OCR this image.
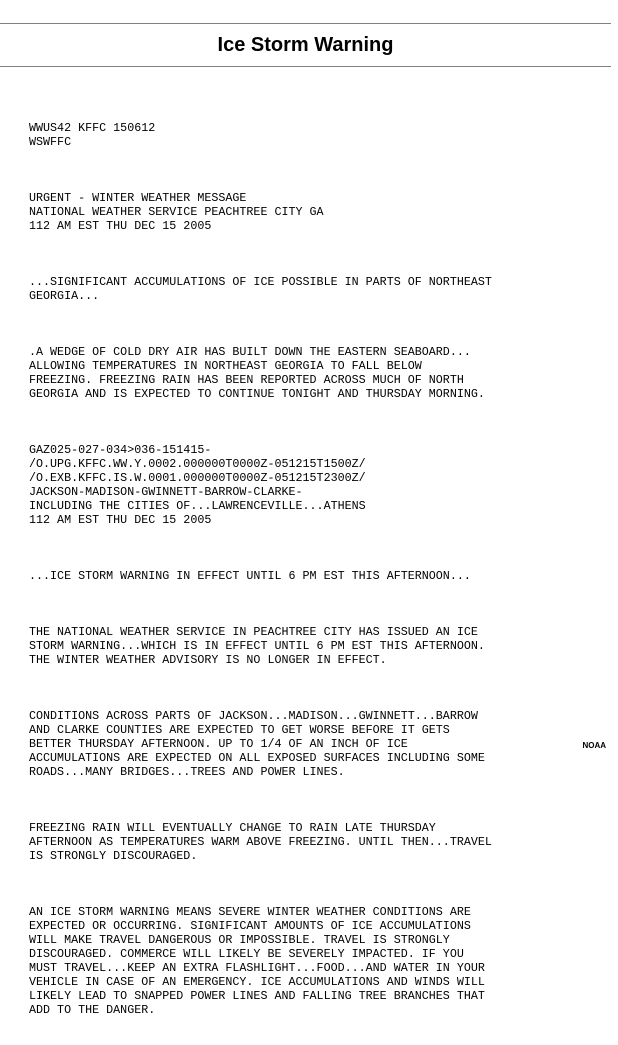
Ice Storm Warning

WWUS42 KFFC 150612
WSWFFC

URGENT - WINTER WEATHER MESSAGE
NATIONAL WEATHER SERVICE PEACHTREE CITY GA
112 AM EST THU DEC 15 2005

...SIGNIFICANT ACCUMULATIONS OF ICE POSSIBLE IN PARTS OF NORTHEAST
GEORGIA...

.A WEDGE OF COLD DRY AIR HAS BUILT DOWN THE EASTERN SEABOARD...
ALLOWING TEMPERATURES IN NORTHEAST GEORGIA TO FALL BELOW
FREEZING. FREEZING RAIN HAS BEEN REPORTED ACROSS MUCH OF NORTH
GEORGIA AND IS EXPECTED TO CONTINUE TONIGHT AND THURSDAY MORNING.

GAZ025-027-034>036-151415-
/O.UPG.KFFC.WW.Y.0002.000000T0000Z-051215T1500Z/
/O.EXB.KFFC.IS.W.0001.000000T0000Z-051215T2300Z/
JACKSON-MADISON-GWINNETT-BARROW-CLARKE-
INCLUDING THE CITIES OF...LAWRENCEVILLE...ATHENS
112 AM EST THU DEC 15 2005

...ICE STORM WARNING IN EFFECT UNTIL 6 PM EST THIS AFTERNOON...

THE NATIONAL WEATHER SERVICE IN PEACHTREE CITY HAS ISSUED AN ICE
STORM WARNING...WHICH IS IN EFFECT UNTIL 6 PM EST THIS AFTERNOON.
THE WINTER WEATHER ADVISORY IS NO LONGER IN EFFECT.

CONDITIONS ACROSS PARTS OF JACKSON...MADISON...GWINNETT...BARROW
AND CLARKE COUNTIES ARE EXPECTED TO GET WORSE BEFORE IT GETS
BETTER THURSDAY AFTERNOON. UP TO 1/4 OF AN INCH OF ICE
ACCUMULATIONS ARE EXPECTED ON ALL EXPOSED SURFACES INCLUDING SOME
ROADS...MANY BRIDGES...TREES AND POWER LINES.

FREEZING RAIN WILL EVENTUALLY CHANGE TO RAIN LATE THURSDAY
AFTERNOON AS TEMPERATURES WARM ABOVE FREEZING. UNTIL THEN...TRAVEL
IS STRONGLY DISCOURAGED.

AN ICE STORM WARNING MEANS SEVERE WINTER WEATHER CONDITIONS ARE
EXPECTED OR OCCURRING. SIGNIFICANT AMOUNTS OF ICE ACCUMULATIONS
WILL MAKE TRAVEL DANGEROUS OR IMPOSSIBLE. TRAVEL IS STRONGLY
DISCOURAGED. COMMERCE WILL LIKELY BE SEVERELY IMPACTED. IF YOU
MUST TRAVEL...KEEP AN EXTRA FLASHLIGHT...FOOD...AND WATER IN YOUR
VEHICLE IN CASE OF AN EMERGENCY. ICE ACCUMULATIONS AND WINDS WILL
LIKELY LEAD TO SNAPPED POWER LINES AND FALLING TREE BRANCHES THAT
ADD TO THE DANGER.

NOAA
